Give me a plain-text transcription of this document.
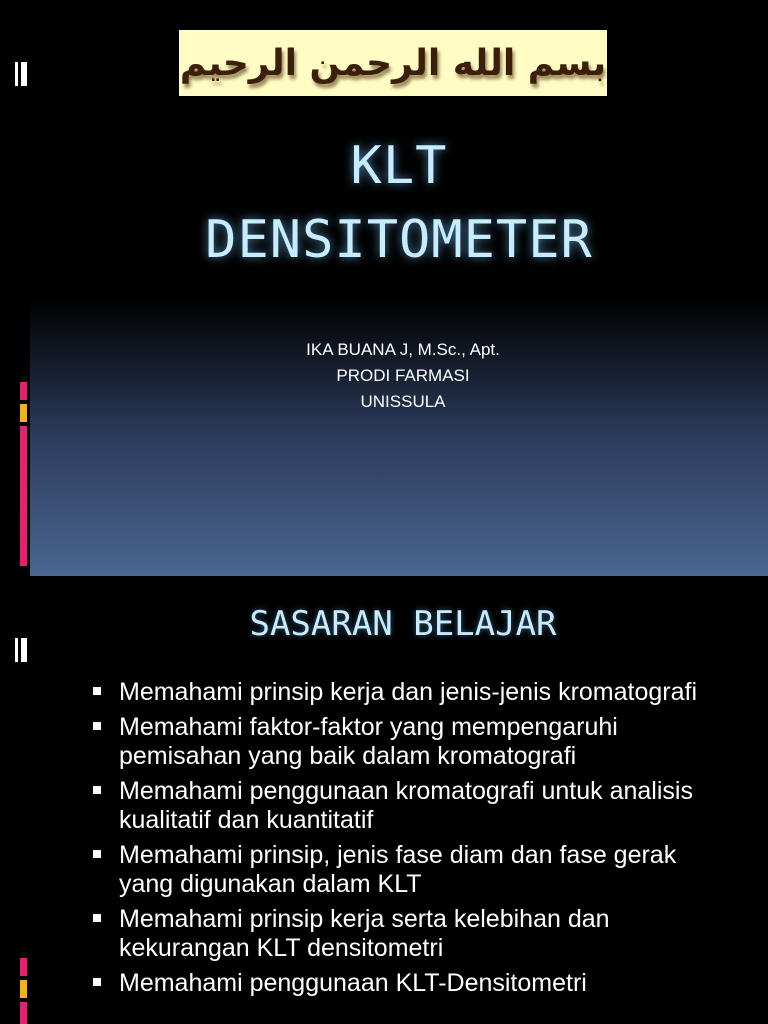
بسم الله الرحمن الرحيم
KLT
DENSITOMETER
IKA BUANA J, M.Sc., Apt.
PRODI FARMASI
UNISSULA
SASARAN BELAJAR
Memahami prinsip kerja dan jenis-jenis kromatografi
Memahami faktor-faktor yang mempengaruhi pemisahan yang baik dalam kromatografi
Memahami penggunaan kromatografi untuk analisis kualitatif dan kuantitatif
Memahami prinsip, jenis fase diam dan fase gerak yang digunakan dalam KLT
Memahami prinsip kerja serta kelebihan dan kekurangan KLT densitometri
Memahami penggunaan KLT-Densitometri
